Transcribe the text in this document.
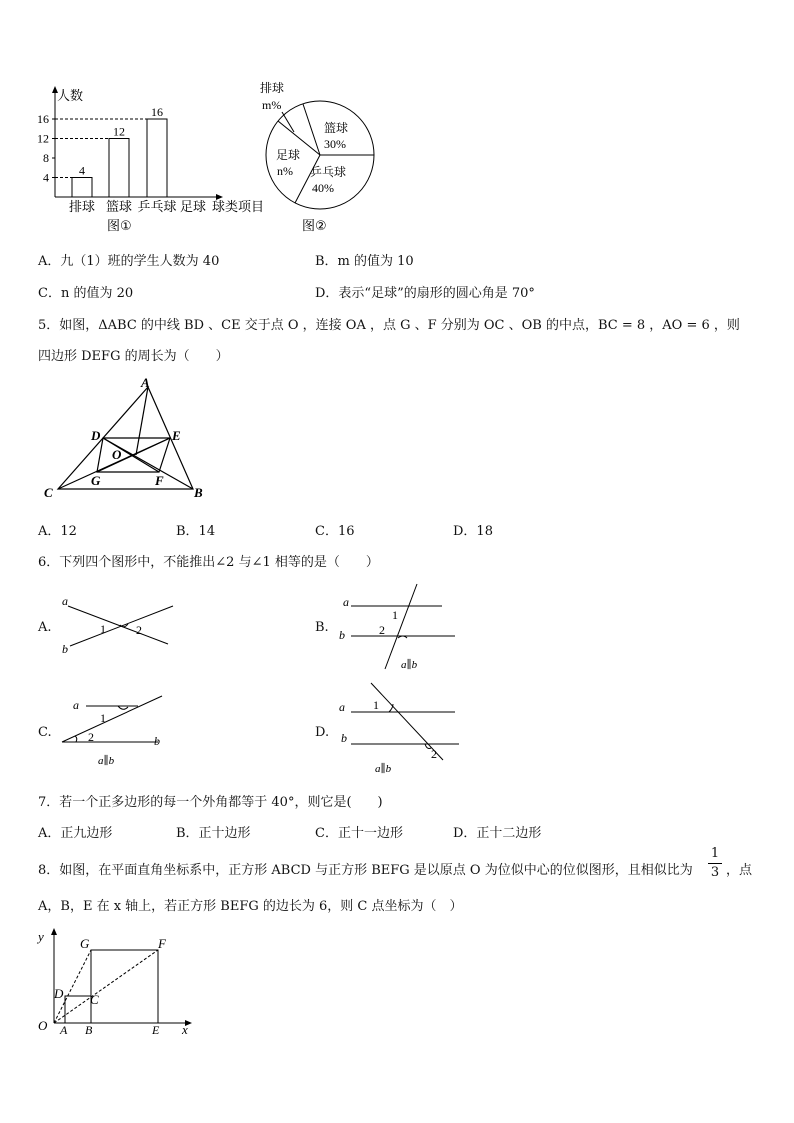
4
8
12
16
4
排球
12
篮球
16
乒乓球 足球
人数
球类项目
图①
排球
m%
篮球
30%
足球
n% 乒乓球
40%
图②
A．九（1）班的学生人数为 40	B．m 的值为 10
C．n 的值为 20	D．表示“足球”的扇形的圆心角是 70°
5．如图，ΔABC 的中线 BD 、CE 交于点 O ，连接 OA ，点 G 、F 分别为 OC 、OB 的中点，BC = 8 ，AO = 6 ，则
四边形 DEFG 的周长为（　　）
A
D	E
O
C
G	F
B
A．12	B．14	C．16	D．18
6．下列四个图形中，不能推出∠2 与∠1 相等的是（　　）
A.
a
b
1	2	B.
a
b
1
2
a∥b
C.
a
1
2	b
a∥b
D.
a
b
1
2
a∥b
7．若一个正多边形的每一个外角都等于 40°，则它是(　　)
A．正九边形	B．正十边形	C．正十一边形	D．正十二边形
8．如图，在平面直角坐标系中，正方形 ABCD 与正方形 BEFG 是以原点 O 为位似中心的位似图形，且相似比为
1
3 ，点
A，B，E 在 x 轴上，若正方形 BEFG 的边长为 6，则 C 点坐标为（　）
y	G	F
D C
O A B	E x
